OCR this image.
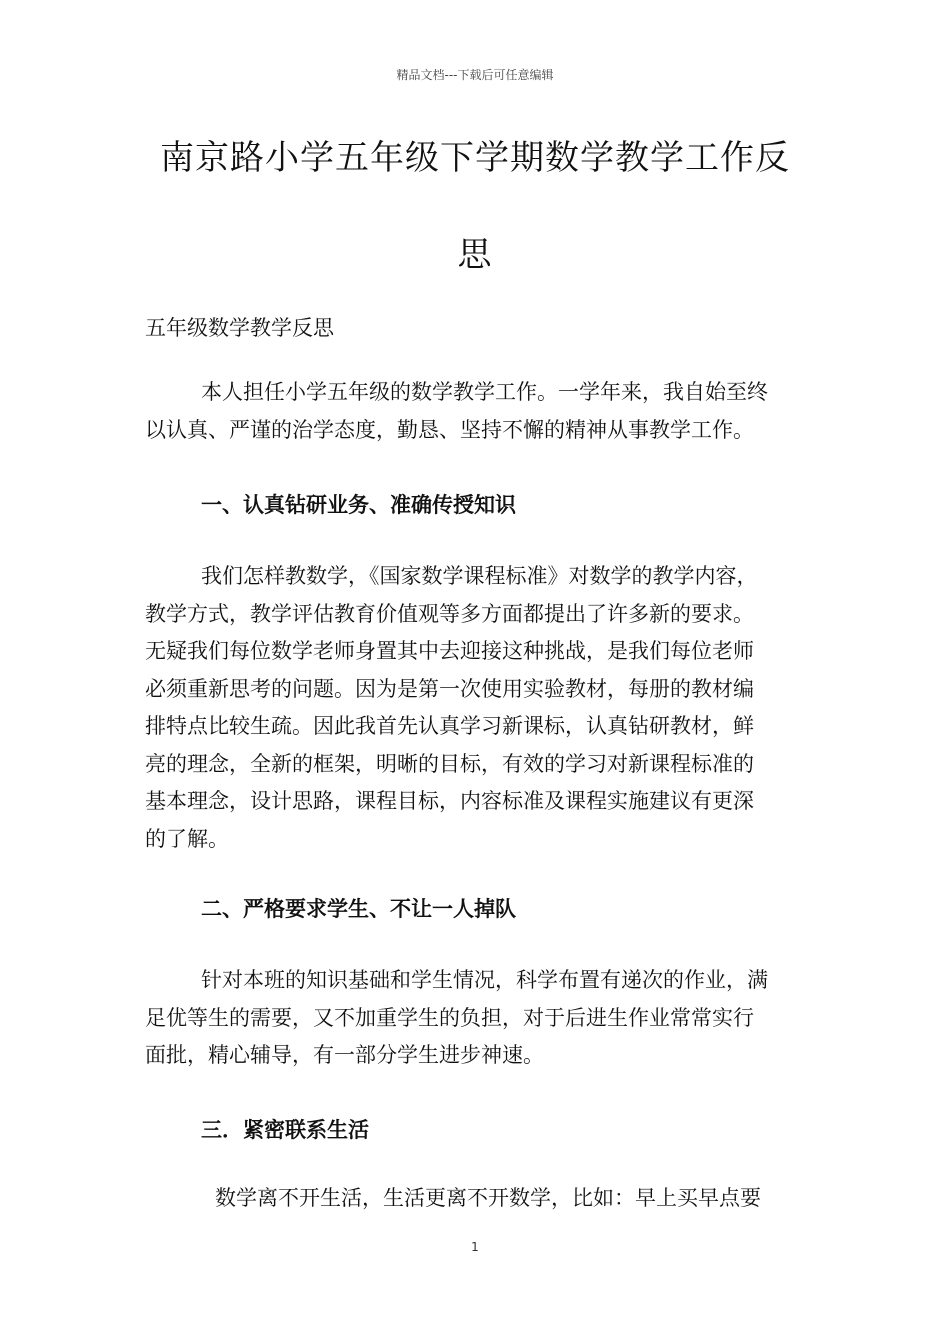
精品文档---下载后可任意编辑
南京路小学五年级下学期数学教学工作反
思
五年级数学教学反思

本人担任小学五年级的数学教学工作。一学年来，我自始至终
以认真、严谨的治学态度，勤恳、坚持不懈的精神从事教学工作。

一、认真钻研业务、准确传授知识

我们怎样教数学，《国家数学课程标准》对数学的教学内容，
教学方式，教学评估教育价值观等多方面都提出了许多新的要求。
无疑我们每位数学老师身置其中去迎接这种挑战，是我们每位老师
必须重新思考的问题。因为是第一次使用实验教材，每册的教材编
排特点比较生疏。因此我首先认真学习新课标，认真钻研教材，鲜
亮的理念，全新的框架，明晰的目标，有效的学习对新课程标准的
基本理念，设计思路，课程目标，内容标准及课程实施建议有更深
的了解。

二、严格要求学生、不让一人掉队

针对本班的知识基础和学生情况，科学布置有递次的作业，满
足优等生的需要，又不加重学生的负担，对于后进生作业常常实行
面批，精心辅导，有一部分学生进步神速。

三．紧密联系生活

数学离不开生活，生活更离不开数学，比如：早上买早点要

1
